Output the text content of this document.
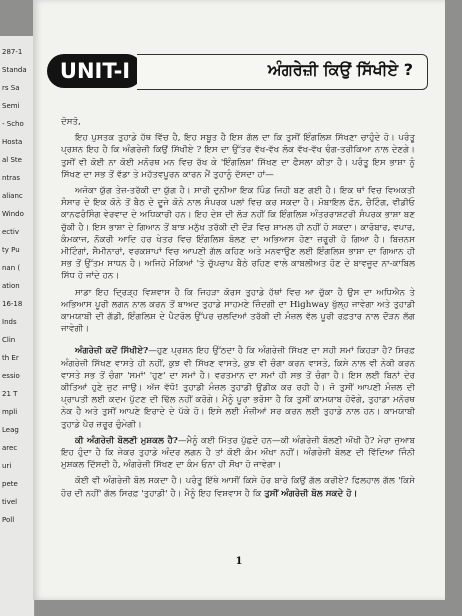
287-1
Standa
rs Sa
Semi
- Scho
Hosta
al Ste
ntras
alianc
Windo
ectiv
ty Pu
nan (
ation
16-18
Inds
Clin
th Er
essio
21 T
mpli
Leag
arec
uri
pete
tivel
Poll
UNIT-I	ਅੰਗਰੇਜ਼ੀ ਕਿਉਂ ਸਿੱਖੀਏ ?

ਦੋਸਤੋ,

ਇਹ ਪੁਸਤਕ ਤੁਹਾਡੇ ਹੱਥ ਵਿੱਚ ਹੈ, ਇਹ ਸਬੂਤ ਹੈ ਇਸ ਗੱਲ ਦਾ ਕਿ ਤੁਸੀਂ ਇੰਗਲਿਸ਼ ਸਿੱਖਣਾ ਚਾਹੁੰਦੇ ਹੋ। ਪਰੰਤੂ ਪ੍ਰਸ਼ਨ ਇਹ ਹੈ ਕਿ ਅੰਗਰੇਜ਼ੀ ਕਿਉਂ ਸਿੱਖੀਏ ? ਇਸ ਦਾ ਉੱਤਰ ਵੱਖ-ਵੱਖ ਲੋਕ ਵੱਖ-ਵੱਖ ਢੰਗ-ਤਰੀਕਿਆ ਨਾਲ ਦੇਣਗੇ। ਤੁਸੀਂ ਵੀ ਕੋਈ ਨਾ ਕੋਈ ਮਨੋਰਥ ਮਨ ਵਿਚ ਰੱਖ ਕੇ 'ਇੰਗਲਿਸ਼' ਸਿੱਖਣ ਦਾ ਫੈਸਲਾ ਕੀਤਾ ਹੈ। ਪਰੰਤੂ ਇਸ ਭਾਸ਼ਾ ਨੂੰ ਸਿੱਖਣ ਦਾ ਸਭ ਤੋਂ ਵੱਡਾ ਤੇ ਮਹੱਤਵਪੂਰਨ ਕਾਰਨ ਮੈਂ ਤੁਹਾਨੂੰ ਦੱਸਦਾ ਹਾਂ—

ਅਜੋਕਾ ਯੁੱਗ ਤੇਜ਼-ਤਰੱਕੀ ਦਾ ਯੁੱਗ ਹੈ। ਸਾਰੀ ਦੁਨੀਆ ਇਕ ਪਿੰਡ ਜਿਹੀ ਬਣ ਗਈ ਹੈ। ਇਕ ਥਾਂ ਵਿਚ ਵਿਅਕਤੀ ਸੰਸਾਰ ਦੇ ਇਕ ਕੋਨੇ ਤੋਂ ਬੈਠ ਦੇ ਦੂਜੇ ਕੋਨੇ ਨਾਲ ਸੰਪਰਕ ਪਲਾਂ ਵਿਚ ਕਰ ਸਕਦਾ ਹੈ। ਮੋਬਾਇਲ ਫੋਨ, ਚੈਟਿੰਗ, ਵੀਡੀਓ ਕਾਨਫਰੰਸਿੰਗ ਵੇਰਵਾਦ ਦੇ ਅਧਿਕਾਰੀ ਹਨ। ਇਹ ਦੇਸ਼ ਦੀ ਲੋੜ ਨਹੀਂ ਕਿ ਇੰਗਲਿਸ਼ ਅੰਤਰਰਾਸ਼ਟਰੀ ਸੰਪਰਕ ਭਾਸ਼ਾ ਬਣ ਚੁੱਕੀ ਹੈ। ਇਸ ਭਾਸ਼ਾ ਦੇ ਗਿਆਨ ਤੋਂ ਬਾਝ ਮਨੁੱਖ ਤਰੱਕੀ ਦੀ ਦੌੜ ਵਿਚ ਸ਼ਾਮਲ ਹੀ ਨਹੀਂ ਹੋ ਸਕਦਾ। ਕਾਰੋਬਾਰ, ਵਪਾਰ, ਕੰਮਕਾਜ, ਨੌਕਰੀ ਆਦਿ ਹਰ ਖੇਤਰ ਵਿਚ ਇੰਗਲਿਸ਼ ਬੋਲਣ ਦਾ ਅਭਿਆਸ ਹੋਣਾ ਜ਼ਰੂਰੀ ਹੋ ਗਿਆ ਹੈ। ਬਿਜ਼ਨਸ ਮੀਟਿੰਗਾਂ, ਸੈਮੀਨਾਰਾਂ, ਵਰਕਸ਼ਾਪਾਂ ਵਿਚ ਆਪਣੀ ਗੱਲ ਕਹਿਣ ਅਤੇ ਮਨਵਾਉਣ ਲਈ ਇੰਗਲਿਸ਼ ਭਾਸ਼ਾ ਦਾ ਗਿਆਨ ਹੀ ਸਭ ਤੋਂ ਉੱਤਮ ਸਾਧਨ ਹੈ। ਅਜਿਹੇ ਮੌਕਿਆਂ 'ਤੇ ਚੁੱਪਚਾਪ ਬੈਠੇ ਰਹਿਣ ਵਾਲੇ ਕਾਬਲੀਅਤ ਹੋਣ ਦੇ ਬਾਵਜੂਦ ਨਾ-ਕਾਬਿਲ ਸਿੱਧ ਹੋ ਜਾਂਦੇ ਹਨ।

ਸਾਡਾ ਇਹ ਦ੍ਰਿੜ੍ਹ ਵਿਸ਼ਵਾਸ ਹੈ ਕਿ ਜਿਹੜਾ ਕੋਰਸ ਤੁਹਾਡੇ ਹੱਥਾਂ ਵਿਚ ਆ ਚੁੱਕਾ ਹੈ ਉਸ ਦਾ ਅਧਿਐਨ ਤੇ ਅਭਿਆਸ ਪੂਰੀ ਲਗਨ ਨਾਲ ਕਰਨ ਤੋਂ ਬਾਅਦ ਤੁਹਾਡੇ ਸਾਹਮਣੇ ਜ਼ਿੰਦਗੀ ਦਾ Highway ਖੁੱਲ੍ਹ ਜਾਵੇਗਾ ਅਤੇ ਤੁਹਾਡੀ ਕਾਮਯਾਬੀ ਦੀ ਗੱਡੀ, ਇੰਗਲਿਸ਼ ਦੇ ਪੈਟਰੋਲ ਉੱਪਰ ਚਲਦਿਆਂ ਤਰੱਕੀ ਦੀ ਮੰਜ਼ਲ ਵੱਲ ਪੂਰੀ ਰਫ਼ਤਾਰ ਨਾਲ ਦੌੜਨ ਲੱਗ ਜਾਵੇਗੀ।

ਅੰਗਰੇਜ਼ੀ ਕਦੋਂ ਸਿੱਖੀਏ?—ਹੁਣ ਪ੍ਰਸ਼ਨ ਇਹ ਉੱਠਦਾ ਹੈ ਕਿ ਅੰਗਰੇਜ਼ੀ ਸਿੱਖਣ ਦਾ ਸਹੀ ਸਮਾਂ ਕਿਹੜਾ ਹੈ? ਸਿਰਫ਼ ਅੰਗਰੇਜ਼ੀ ਸਿੱਖਣ ਵਾਸਤੇ ਹੀ ਨਹੀਂ, ਕੁਝ ਵੀ ਸਿੱਖਣ ਵਾਸਤੇ, ਕੁਝ ਵੀ ਚੰਗਾ ਕਰਨ ਵਾਸਤੇ, ਕਿਸੇ ਨਾਲ ਵੀ ਨੇਕੀ ਕਰਨ ਵਾਸਤੇ ਸਭ ਤੋਂ ਚੰਗਾ 'ਸਮਾਂ' 'ਹੁਣ' ਦਾ ਸਮਾਂ ਹੈ। ਵਰਤਮਾਨ ਦਾ ਸਮਾਂ ਹੀ ਸਭ ਤੋਂ ਚੰਗਾ ਹੈ। ਇਸ ਲਈ ਬਿਨਾਂ ਦੇਰ ਕੀਤਿਆਂ ਹੁਣੇ ਜੁਟ ਜਾਉ। ਅੱਜ ਵੱਧੋ! ਤੁਹਾਡੀ ਮੰਜ਼ਲ ਤੁਹਾਡੀ ਉਡੀਕ ਕਰ ਰਹੀ ਹੈ। ਜੋ ਤੁਸੀਂ ਆਪਣੀ ਮੰਜ਼ਲ ਦੀ ਪ੍ਰਾਪਤੀ ਲਈ ਕਦਮ ਪੁੱਟਣ ਦੀ ਢਿੱਲ ਨਹੀਂ ਕਰੋਗੇ। ਮੈਨੂੰ ਪੂਰਾ ਭਰੋਸਾ ਹੈ ਕਿ ਤੁਸੀਂ ਕਾਮਯਾਬ ਹੋਵੋਗੇ, ਤੁਹਾਡਾ ਮਨੋਰਥ ਨੇਕ ਹੈ ਅਤੇ ਤੁਸੀਂ ਆਪਣੇ ਇਰਾਦੇ ਦੇ ਪੱਕੇ ਹੋ। ਇਸੇ ਲਈ ਮੰਜ਼ੀਆਂ ਸਰ ਕਰਨ ਲਈ ਤੁਹਾਡੇ ਨਾਲ ਹਨ। ਕਾਮਯਾਬੀ ਤੁਹਾਡੇ ਪੈਰ ਜ਼ਰੂਰ ਚੁੰਮੇਗੀ।

ਕੀ ਅੰਗਰੇਜ਼ੀ ਬੋਲਣੀ ਮੁਸ਼ਕਲ ਹੈ?—ਮੈਨੂੰ ਕਈ ਮਿੱਤਰ ਪੁੱਛਦੇ ਹਨ—ਕੀ ਅੰਗਰੇਜ਼ੀ ਬੋਲਣੀ ਔਖੀ ਹੈ? ਮੇਰਾ ਜੁਆਬ ਇਹ ਹੁੰਦਾ ਹੈ ਕਿ ਜੇਕਰ ਤੁਹਾਡੇ ਅੰਦਰ ਲਗਨ ਹੈ ਤਾਂ ਕੋਈ ਕੰਮ ਔਖਾ ਨਹੀਂ। ਅੰਗਰੇਜ਼ੀ ਬੋਲਣ ਦੀ ਵਿੱਦਿਆ ਜਿੰਨੀ ਮੁਸ਼ਕਲ ਦਿੱਸਦੀ ਹੈ, ਅੰਗਰੇਜ਼ੀ ਸਿੱਖਣ ਦਾ ਕੰਮ ਓਨਾ ਹੀ ਸੌਖਾ ਹੋ ਜਾਵੇਗਾ।

ਕੋਈ ਵੀ ਅੰਗਰੇਜ਼ੀ ਬੋਲ ਸਕਦਾ ਹੈ। ਪਰੰਤੂ ਇੱਥੇ ਆਸੀਂ ਕਿਸੇ ਹੋਰ ਬਾਰੇ ਕਿਉਂ ਗੱਲ ਕਰੀਏ? ਫਿਲਹਾਲ ਗੱਲ 'ਕਿਸੇ ਹੋਰ ਦੀ ਨਹੀਂ' ਗੱਲ ਸਿਰਫ਼ 'ਤੁਹਾਡੀ' ਹੈ। ਮੈਨੂੰ ਇਹ ਵਿਸ਼ਵਾਸ ਹੈ ਕਿ ਤੁਸੀਂ ਅੰਗਰੇਜ਼ੀ ਬੋਲ ਸਕਦੇ ਹੋ।

1
